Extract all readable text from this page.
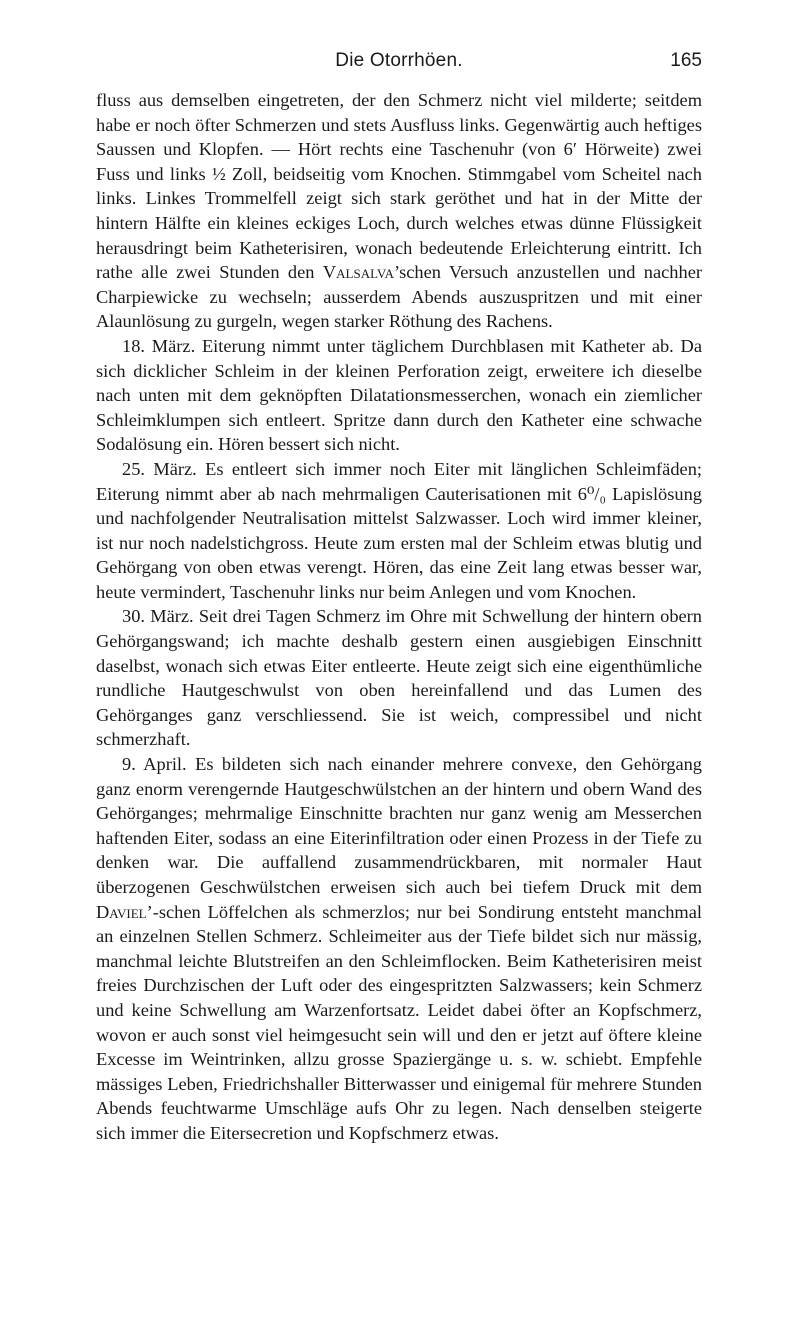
Die Otorrhöen.	165

fluss aus demselben eingetreten, der den Schmerz nicht viel milderte; seitdem habe er noch öfter Schmerzen und stets Ausfluss links. Gegenwärtig auch heftiges Saussen und Klopfen. — Hört rechts eine Taschenuhr (von 6′ Hörweite) zwei Fuss und links ½ Zoll, beidseitig vom Knochen. Stimmgabel vom Scheitel nach links. Linkes Trommelfell zeigt sich stark geröthet und hat in der Mitte der hintern Hälfte ein kleines eckiges Loch, durch welches etwas dünne Flüssigkeit herausdringt beim Katheterisiren, wonach bedeutende Erleichterung eintritt. Ich rathe alle zwei Stunden den Valsalva’schen Versuch anzustellen und nachher Charpiewicke zu wechseln; ausserdem Abends auszuspritzen und mit einer Alaunlösung zu gurgeln, wegen starker Röthung des Rachens.

18. März. Eiterung nimmt unter täglichem Durchblasen mit Katheter ab. Da sich dicklicher Schleim in der kleinen Perforation zeigt, erweitere ich dieselbe nach unten mit dem geknöpften Dilatationsmesserchen, wonach ein ziemlicher Schleimklumpen sich entleert. Spritze dann durch den Katheter eine schwache Sodalösung ein. Hören bessert sich nicht.

25. März. Es entleert sich immer noch Eiter mit länglichen Schleimfäden; Eiterung nimmt aber ab nach mehrmaligen Cauterisationen mit 6⁰/₀ Lapislösung und nachfolgender Neutralisation mittelst Salzwasser. Loch wird immer kleiner, ist nur noch nadelstichgross. Heute zum ersten mal der Schleim etwas blutig und Gehörgang von oben etwas verengt. Hören, das eine Zeit lang etwas besser war, heute vermindert, Taschenuhr links nur beim Anlegen und vom Knochen.

30. März. Seit drei Tagen Schmerz im Ohre mit Schwellung der hintern obern Gehörgangswand; ich machte deshalb gestern einen ausgiebigen Einschnitt daselbst, wonach sich etwas Eiter entleerte. Heute zeigt sich eine eigenthümliche rundliche Hautgeschwulst von oben hereinfallend und das Lumen des Gehörganges ganz verschliessend. Sie ist weich, compressibel und nicht schmerzhaft.

9. April. Es bildeten sich nach einander mehrere convexe, den Gehörgang ganz enorm verengernde Hautgeschwülstchen an der hintern und obern Wand des Gehörganges; mehrmalige Einschnitte brachten nur ganz wenig am Messerchen haftenden Eiter, sodass an eine Eiterinfiltration oder einen Prozess in der Tiefe zu denken war. Die auffallend zusammendrückbaren, mit normaler Haut überzogenen Geschwülstchen erweisen sich auch bei tiefem Druck mit dem Daviel’-schen Löffelchen als schmerzlos; nur bei Sondirung entsteht manchmal an einzelnen Stellen Schmerz. Schleimeiter aus der Tiefe bildet sich nur mässig, manchmal leichte Blutstreifen an den Schleimflocken. Beim Katheterisiren meist freies Durchzischen der Luft oder des eingespritzten Salzwassers; kein Schmerz und keine Schwellung am Warzenfortsatz. Leidet dabei öfter an Kopfschmerz, wovon er auch sonst viel heimgesucht sein will und den er jetzt auf öftere kleine Excesse im Weintrinken, allzu grosse Spaziergänge u. s. w. schiebt. Empfehle mässiges Leben, Friedrichshaller Bitterwasser und einigemal für mehrere Stunden Abends feuchtwarme Umschläge aufs Ohr zu legen. Nach denselben steigerte sich immer die Eitersecretion und Kopfschmerz etwas.
